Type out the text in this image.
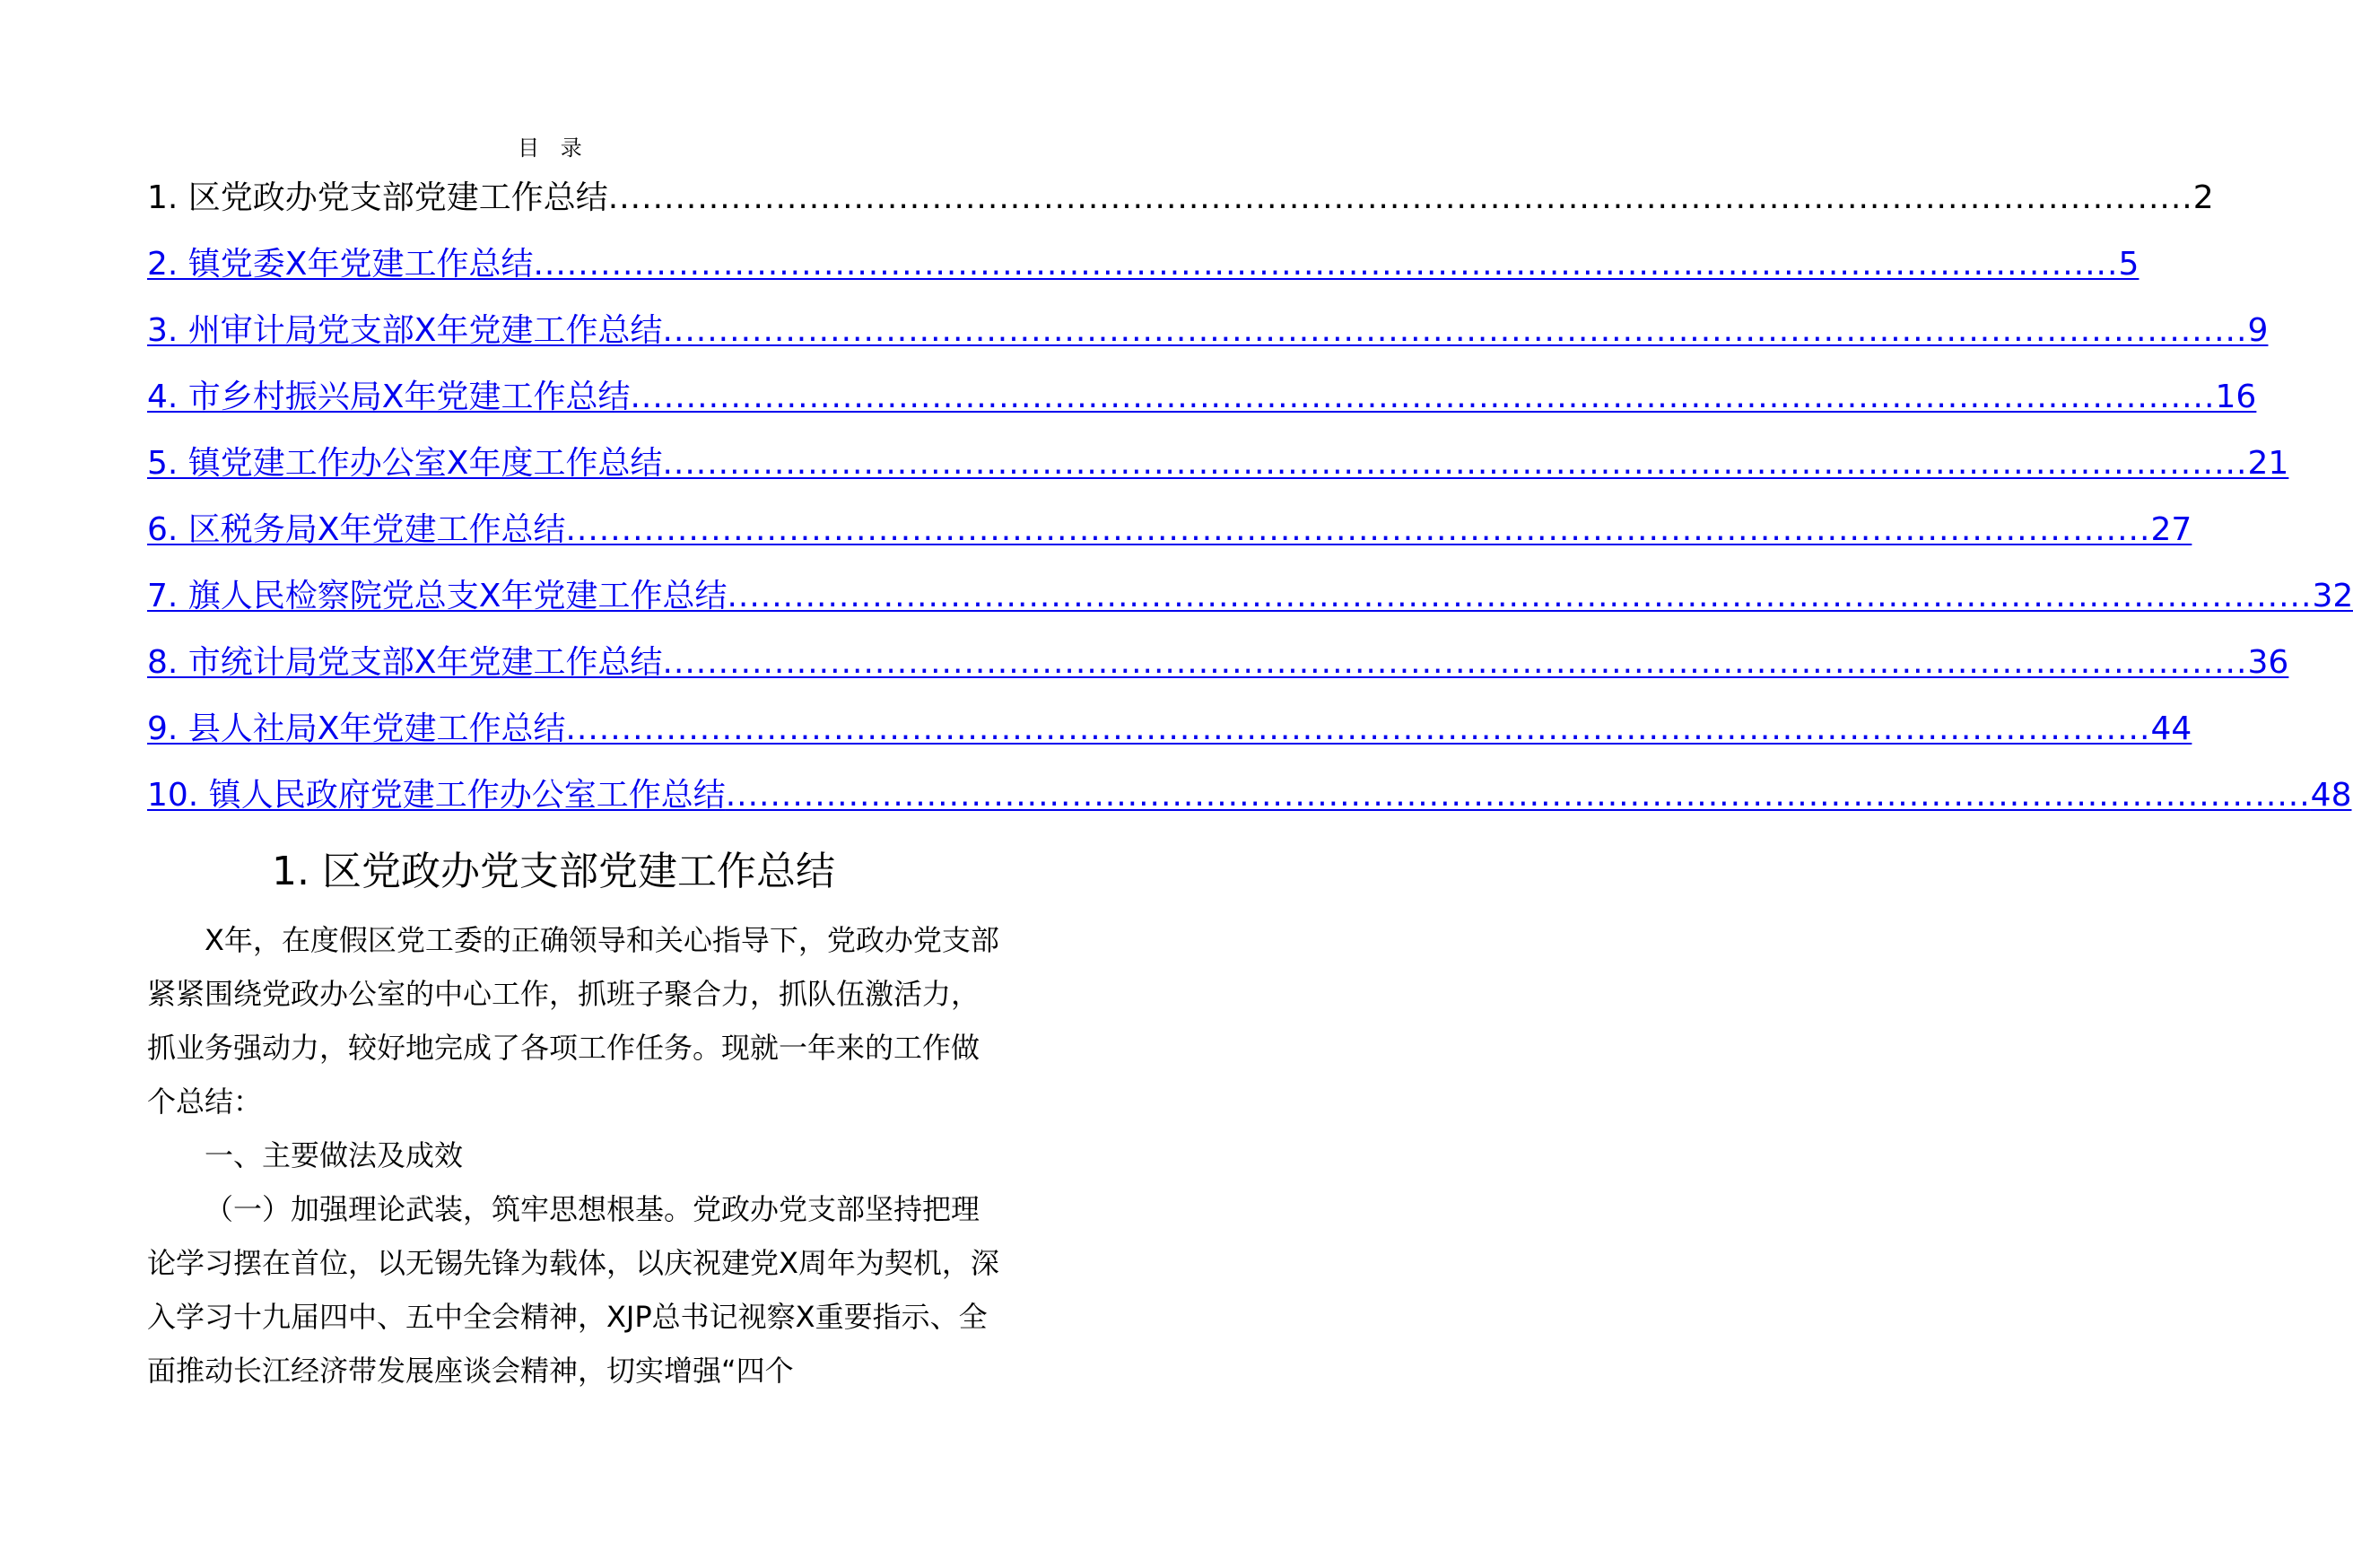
目 录
1. 区党政办党支部党建工作总结 .............................................................................................................................................. 2
2. 镇党委X年党建工作总结 .............................................................................................................................................. 5
3. 州审计局党支部X年党建工作总结 .............................................................................................................................................. 9
4. 市乡村振兴局X年党建工作总结 .............................................................................................................................................. 16
5. 镇党建工作办公室X年度工作总结 .............................................................................................................................................. 21
6. 区税务局X年党建工作总结 .............................................................................................................................................. 27
7. 旗人民检察院党总支X年党建工作总结 .............................................................................................................................................. 32
8. 市统计局党支部X年党建工作总结 .............................................................................................................................................. 36
9. 县人社局X年党建工作总结 .............................................................................................................................................. 44
10. 镇人民政府党建工作办公室工作总结 .............................................................................................................................................. 48
1. 区党政办党支部党建工作总结

X年，在度假区党工委的正确领导和关心指导下，党政办党支部紧紧围绕党政办公室的中心工作，抓班子聚合力，抓队伍激活力，抓业务强动力，较好地完成了各项工作任务。现就一年来的工作做个总结：

一、主要做法及成效

（一）加强理论武装，筑牢思想根基。党政办党支部坚持把理论学习摆在首位，以无锡先锋为载体，以庆祝建党X周年为契机，深入学习十九届四中、五中全会精神，XJP总书记视察X重要指示、全面推动长江经济带发展座谈会精神，切实增强“四个
